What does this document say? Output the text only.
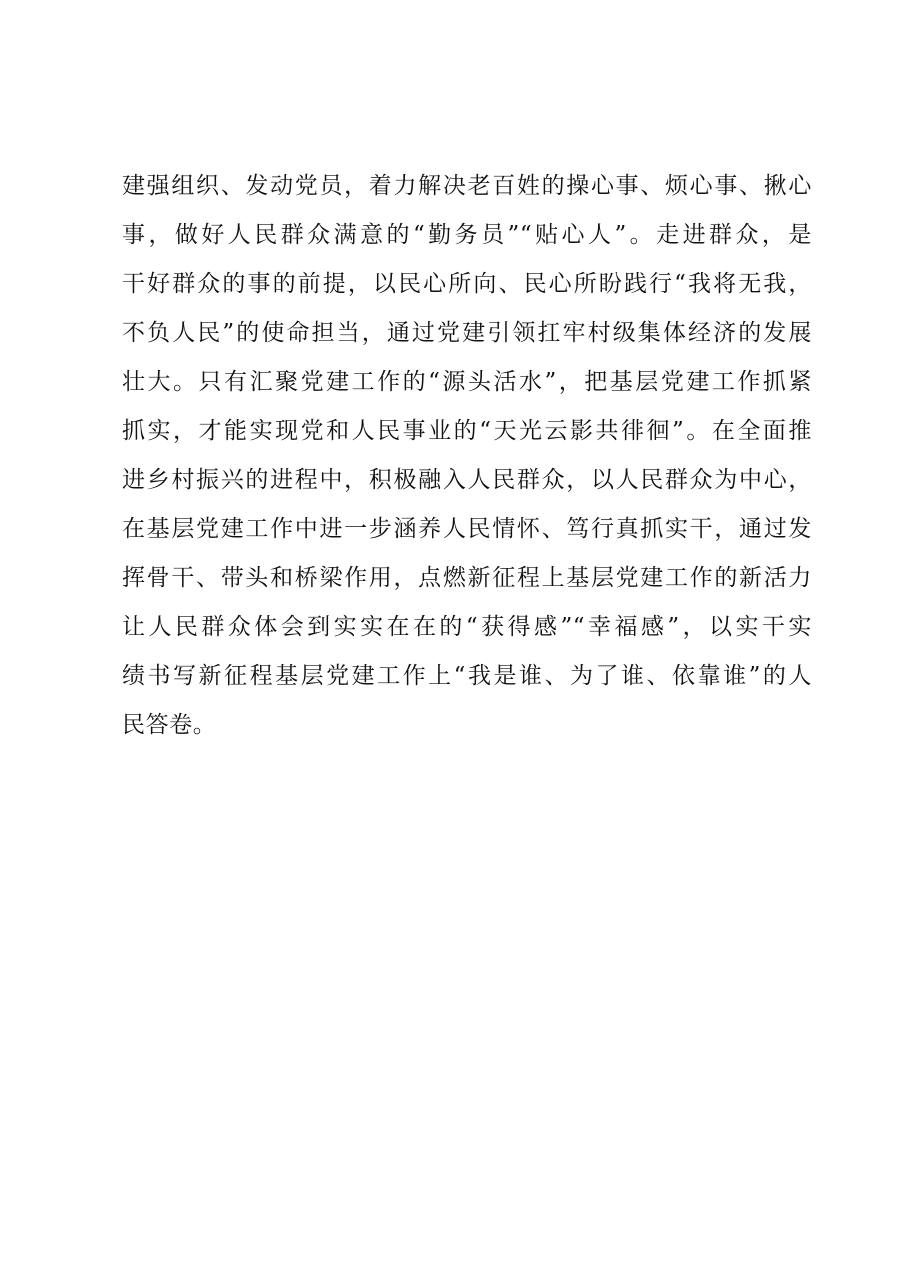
建强组织、发动党员，着力解决老百姓的操心事、烦心事、揪心
事，做好人民群众满意的“勤务员”“贴心人”。走进群众，是
干好群众的事的前提，以民心所向、民心所盼践行“我将无我，
不负人民”的使命担当，通过党建引领扛牢村级集体经济的发展
壮大。只有汇聚党建工作的“源头活水”，把基层党建工作抓紧
抓实，才能实现党和人民事业的“天光云影共徘徊”。在全面推
进乡村振兴的进程中，积极融入人民群众，以人民群众为中心，
在基层党建工作中进一步涵养人民情怀、笃行真抓实干，通过发
挥骨干、带头和桥梁作用，点燃新征程上基层党建工作的新活力
让人民群众体会到实实在在的“获得感”“幸福感”，以实干实
绩书写新征程基层党建工作上“我是谁、为了谁、依靠谁”的人
民答卷。
